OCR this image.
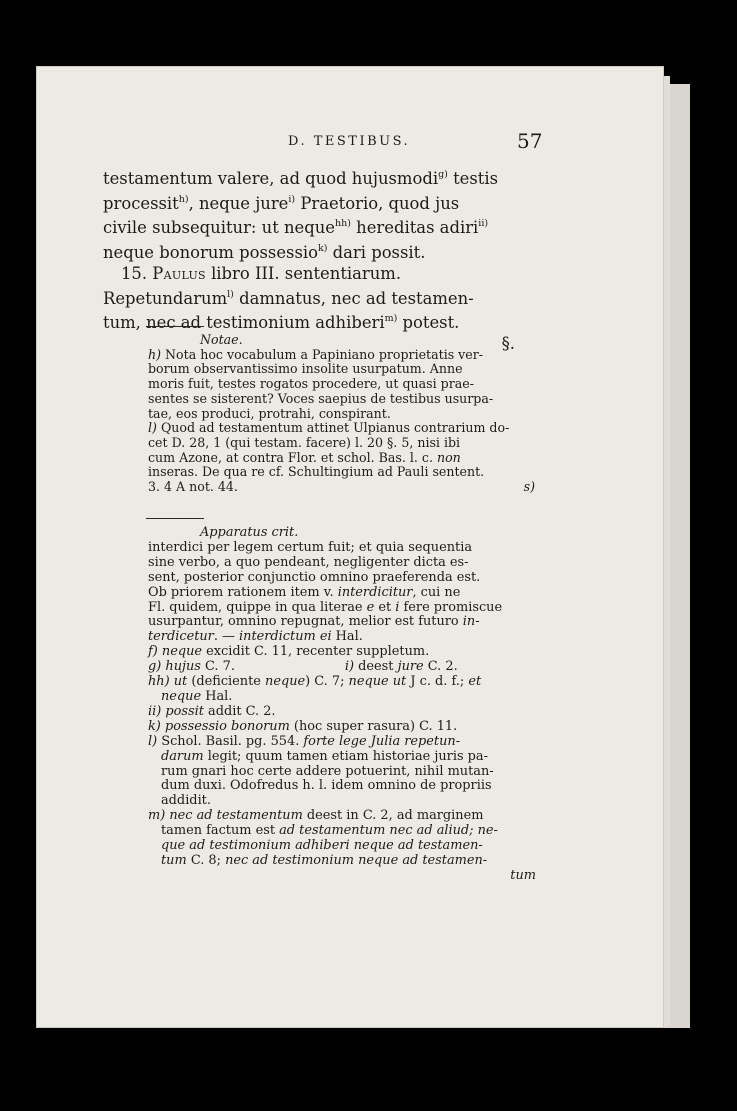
D. TESTIBUS.	57

testamentum valere, ad quod hujusmodi$^{g)}$ testis
processit$^{h)}$, neque jure$^{i)}$ Praetorio, quod jus
civile subsequitur: ut neque$^{hh)}$ hereditas adiri$^{ii)}$
neque bonorum possessio$^{k)}$ dari possit.

15. Paulus libro III. sententiarum.

Repetundarum$^{l)}$ damnatus, nec ad testamen-
tum, nec ad testimonium adhiberi$^{m)}$ potest.
§.

Notae.
h) Nota hoc vocabulum a Papiniano proprietatis ver-
borum observantissimo insolite usurpatum. Anne
moris fuit, testes rogatos procedere, ut quasi prae-
sentes se sisterent? Voces saepius de testibus usurpa-
tae, eos produci, protrahi, conspirant.
l) Quod ad testamentum attinet Ulpianus contrarium do-
cet D. 28, 1 (qui testam. facere) l. 20 §. 5, nisi ibi
cum Azone, at contra Flor. et schol. Bas. l. c. non
inseras. De qua re cf. Schultingium ad Pauli sentent.
3. 4 A not. 44.	s)
Apparatus crit.
interdici per legem certum fuit; et quia sequentia
sine verbo, a quo pendeant, negligenter dicta es-
sent, posterior conjunctio omnino praeferenda est.
Ob priorem rationem item v. interdicitur, cui ne
Fl. quidem, quippe in qua literae e et i fere promiscue
usurpantur, omnino repugnat, melior est futuro in-
terdicetur. — interdictum ei Hal.
f) neque excidit C. 11, recenter suppletum.
g) hujus C. 7.	i) deest jure C. 2.
hh) ut (deficiente neque) C. 7; neque ut J c. d. f.; et
neque Hal.
ii) possit addit C. 2.
k) possessio bonorum (hoc super rasura) C. 11.
l) Schol. Basil. pg. 554. forte lege Julia repetun-
darum legit; quum tamen etiam historiae juris pa-
rum gnari hoc certe addere potuerint, nihil mutan-
dum duxi. Odofredus h. l. idem omnino de propriis
addidit.
m) nec ad testamentum deest in C. 2, ad marginem
tamen factum est ad testamentum nec ad aliud; ne-
que ad testimonium adhiberi neque ad testamen-
tum C. 8; nec ad testimonium neque ad testamen-
tum
